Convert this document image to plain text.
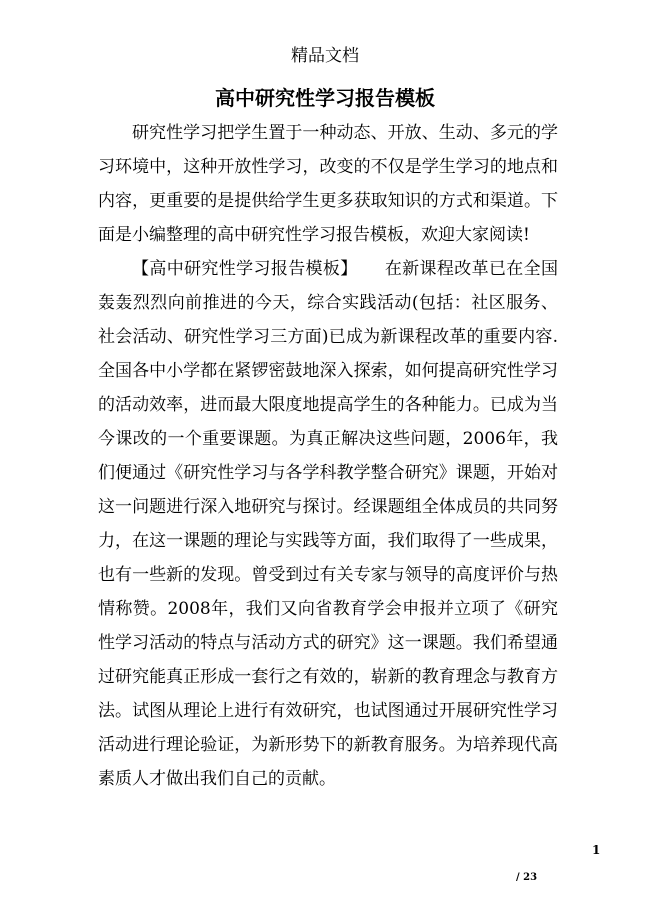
精品文档
高中研究性学习报告模板

研究性学习把学生置于一种动态、开放、生动、多元的学习环境中，这种开放性学习，改变的不仅是学生学习的地点和内容，更重要的是提供给学生更多获取知识的方式和渠道。下面是小编整理的高中研究性学习报告模板，欢迎大家阅读!

【高中研究性学习报告模板】 在新课程改革已在全国轰轰烈烈向前推进的今天，综合实践活动(包括：社区服务、社会活动、研究性学习三方面)已成为新课程改革的重要内容.全国各中小学都在紧锣密鼓地深入探索，如何提高研究性学习的活动效率，进而最大限度地提高学生的各种能力。已成为当今课改的一个重要课题。为真正解决这些问题，2006年，我们便通过《研究性学习与各学科教学整合研究》课题，开始对这一问题进行深入地研究与探讨。经课题组全体成员的共同努力，在这一课题的理论与实践等方面，我们取得了一些成果，也有一些新的发现。曾受到过有关专家与领导的高度评价与热情称赞。2008年，我们又向省教育学会申报并立项了《研究性学习活动的特点与活动方式的研究》这一课题。我们希望通过研究能真正形成一套行之有效的，崭新的教育理念与教育方法。试图从理论上进行有效研究，也试图通过开展研究性学习活动进行理论验证，为新形势下的新教育服务。为培养现代高素质人才做出我们自己的贡献。

1
/ 23
